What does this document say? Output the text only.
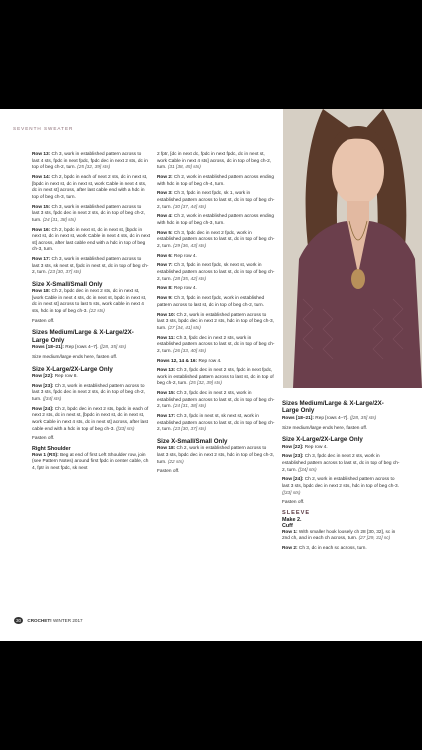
SEVENTH SWEATER

Row 13: Ch 3, work in established pattern across to last 4 sts, fpdc in next fpdc, fpdc dec in next 2 sts, dc in top of beg ch-2, turn. (25 [32, 39] sts)

Row 14: Ch 2, bpdc in each of next 2 sts, dc in next st, [bpdc in next st, dc in next st, work Cable in next 4 sts, dc in next st] across, after last cable end with a hdc in top of beg ch-3, turn.

Row 15: Ch 3, work in established pattern across to last 3 sts, fpdc dec in next 2 sts, dc in top of beg ch-2, turn. (24 [31, 38] sts)

Row 16: Ch 2, bpdc in next st, dc in next st, [bpdc in next st, dc in next st, work Cable in next 4 sts, dc in next st] across, after last cable end with a hdc in top of beg ch-3, turn.

Row 17: Ch 3, work in established pattern across to last 3 sts, sk next st, fpdc in next st, dc in top of beg ch-2, turn. (23 [30, 37] sts)

Size X-Small/Small Only

Row 18: Ch 2, bpdc dec in next 2 sts, dc in next st, [work Cable in next 4 sts, dc in next st, bpdc in next st, dc in next st] across to last 5 sts, work cable in next 4 sts, hdc in top of beg ch-3. (22 sts)

Fasten off.

Sizes Medium/Large & X-Large/2X-Large Only

Rows [18–21]: Rep [rows 4–7]. ([28, 35] sts)

Size medium/large ends here, fasten off.

Size X-Large/2X-Large Only

Row [22]: Rep row 8.

Row [23]: Ch 3, work in established pattern across to last 3 sts, fpdc dec in next 2 sts, dc in top of beg ch-2, turn. ([34] sts)

Row [24]: Ch 2, bpdc dec in next 2 sts, bpdc in each of next 2 sts, dc in next st, [bpdc in next st, dc in next st, work Cable in next 4 sts, dc in next st] across, after last cable end with a hdc in top of beg ch-3. ([33] sts)

Fasten off.

Right Shoulder

Row 1 (RS): Beg at end of first Left Shoulder row, join (see Pattern Notes) around first fpdc in center cable, ch 4, fptr in next fpdc, sk next

2 fptr, [dc in next dc, fpdc in next fpdc, dc in next st, work Cable in next 4 sts] across, dc in top of beg ch-2, turn. (31 [38, 45] sts)

Row 2: Ch 2, work in established pattern across ending with hdc in top of beg ch-4, turn.

Row 3: Ch 3, fpdc in next fpdc, sk 1, work in established pattern across to last st, dc in top of beg ch-2, turn. (30 [37, 44] sts)

Row 4: Ch 2, work in established pattern across ending with hdc in top of beg ch-3, turn.

Row 5: Ch 3, fpdc dec in next 2 fpdc, work in established pattern across to last st, dc in top of beg ch-2, turn. (29 [36, 43] sts)

Row 6: Rep row 4.

Row 7: Ch 3, fpdc in next fpdc, sk next st, work in established pattern across to last st, dc in top of beg ch-2, turn. (28 [35, 42] sts)

Row 8: Rep row 4.

Row 9: Ch 3, fpdc in next fpdc, work in established pattern across to last st, dc in top of beg ch-2, turn.

Row 10: Ch 2, work in established pattern across to last 3 sts, bpdc dec in next 2 sts, hdc in top of beg ch-3, turn. (27 [34, 41] sts)

Row 11: Ch 3, fpdc dec in next 2 sts, work in established pattern across to last st, dc in top of beg ch-2, turn. (26 [33, 40] sts)

Rows 12, 14 & 16: Rep row 4.

Row 13: Ch 3, fpdc dec in next 2 sts, fpdc in next fpdc, work in established pattern across to last st, dc in top of beg ch-2, turn. (25 [32, 39] sts)

Row 15: Ch 3, fpdc dec in next 2 sts, work in established pattern across to last st, dc in top of beg ch-2, turn. (24 [31, 38] sts)

Row 17: Ch 3, fpdc in next st, sk next st, work in established pattern across to last st, dc in top of beg ch-2, turn. (23 [30, 37] sts)

Size X-Small/Small Only

Row 18: Ch 2, work in established pattern across to last 3 sts, bpdc dec in next 2 sts, hdc in top of beg ch-3, turn. (22 sts)

Fasten off.

Sizes Medium/Large & X-Large/2X-Large Only

Rows [18–21]: Rep [rows 4–7]. ([28, 35] sts)

Size medium/large ends here, fasten off.

Size X-Large/2X-Large Only

Row [22]: Rep row 4.

Row [23]: Ch 3, fpdc dec in next 2 sts, work in established pattern across to last st, dc in top of beg ch-2, turn. ([34] sts)

Row [24]: Ch 2, work in established pattern across to last 3 sts, bpdc dec in next 2 sts, hdc in top of beg ch-3. ([33] sts)

Fasten off.

SLEEVE
Make 2.
Cuff

Row 1: With smaller hook loosely ch 28 [30, 32], sc in 2nd ch, and in each ch across, turn. (27 [29, 31] sc)

Row 2: Ch 3, dc in each sc across, turn.

30 CROCHET! WINTER 2017
